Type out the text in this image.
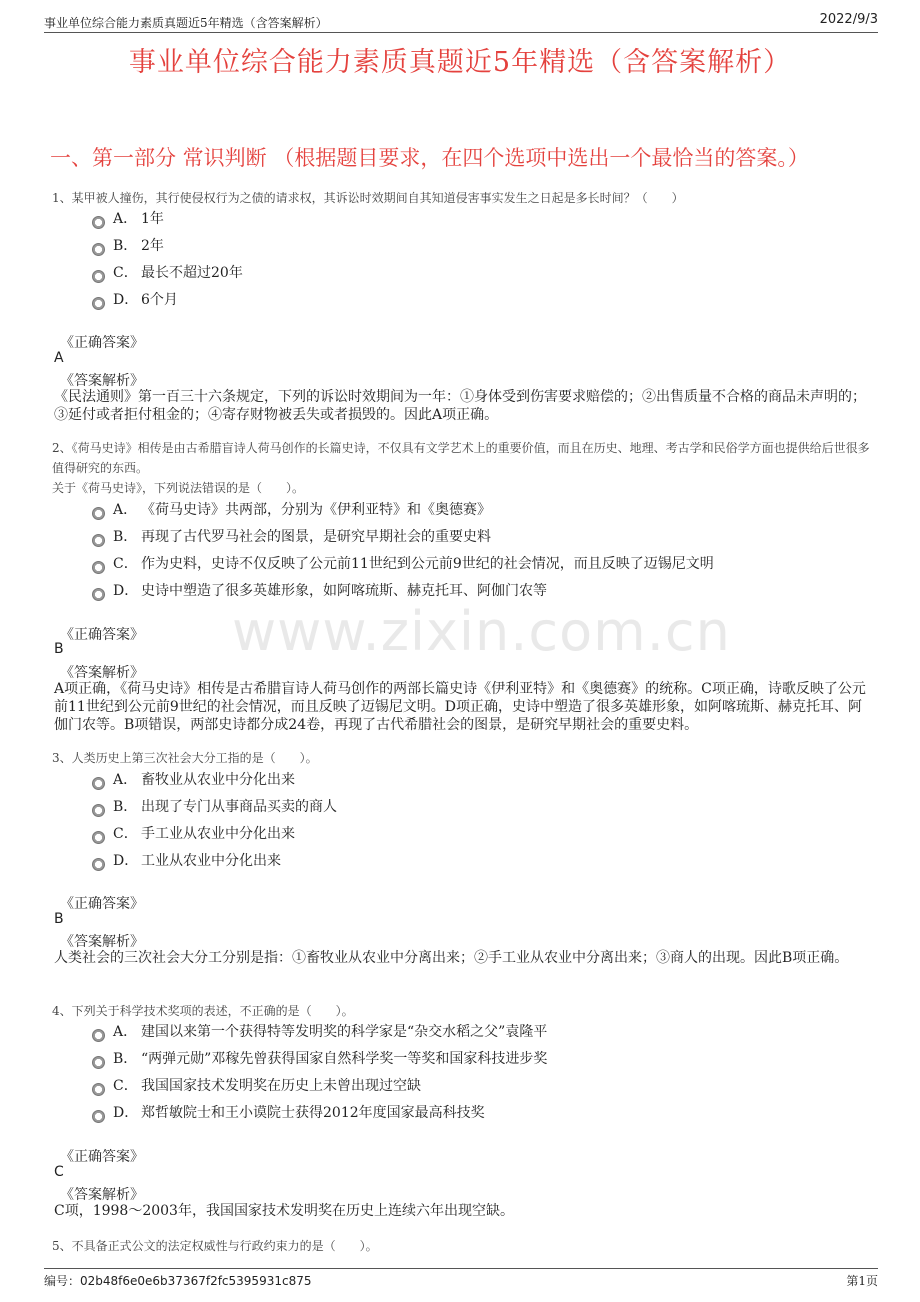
事业单位综合能力素质真题近5年精选（含答案解析）	2022/9/3
事业单位综合能力素质真题近5年精选（含答案解析）
一、第一部分 常识判断 （根据题目要求，在四个选项中选出一个最恰当的答案。）
www.zixin.com.cn
1、某甲被人撞伤，其行使侵权行为之债的请求权，其诉讼时效期间自其知道侵害事实发生之日起是多长时间？（　　）
A． 1年
B． 2年
C． 最长不超过20年
D． 6个月
《正确答案》
A
《答案解析》
《民法通则》第一百三十六条规定，下列的诉讼时效期间为一年：①身体受到伤害要求赔偿的；②出售质量不合格的商品未声明的；③延付或者拒付租金的；④寄存财物被丢失或者损毁的。因此A项正确。
2、《荷马史诗》相传是由古希腊盲诗人荷马创作的长篇史诗，不仅具有文学艺术上的重要价值，而且在历史、地理、考古学和民俗学方面也提供给后世很多值得研究的东西。
关于《荷马史诗》，下列说法错误的是（　　）。
A． 《荷马史诗》共两部，分别为《伊利亚特》和《奥德赛》
B． 再现了古代罗马社会的图景，是研究早期社会的重要史料
C． 作为史料，史诗不仅反映了公元前11世纪到公元前9世纪的社会情况，而且反映了迈锡尼文明
D． 史诗中塑造了很多英雄形象，如阿喀琉斯、赫克托耳、阿伽门农等
《正确答案》
B
《答案解析》
A项正确，《荷马史诗》相传是古希腊盲诗人荷马创作的两部长篇史诗《伊利亚特》和《奥德赛》的统称。C项正确，诗歌反映了公元前11世纪到公元前9世纪的社会情况，而且反映了迈锡尼文明。D项正确，史诗中塑造了很多英雄形象，如阿喀琉斯、赫克托耳、阿伽门农等。B项错误，两部史诗都分成24卷，再现了古代希腊社会的图景，是研究早期社会的重要史料。
3、人类历史上第三次社会大分工指的是（　　）。
A． 畜牧业从农业中分化出来
B． 出现了专门从事商品买卖的商人
C． 手工业从农业中分化出来
D． 工业从农业中分化出来
《正确答案》
B
《答案解析》
人类社会的三次社会大分工分别是指：①畜牧业从农业中分离出来；②手工业从农业中分离出来；③商人的出现。因此B项正确。
4、下列关于科学技术奖项的表述，不正确的是（　　）。
A． 建国以来第一个获得特等发明奖的科学家是“杂交水稻之父”袁隆平
B． “两弹元勋”邓稼先曾获得国家自然科学奖一等奖和国家科技进步奖
C． 我国国家技术发明奖在历史上未曾出现过空缺
D． 郑哲敏院士和王小谟院士获得2012年度国家最高科技奖
《正确答案》
C
《答案解析》
C项，1998～2003年，我国国家技术发明奖在历史上连续六年出现空缺。
5、不具备正式公文的法定权威性与行政约束力的是（　　）。
编号：02b48f6e0e6b37367f2fc5395931c875	第1页
